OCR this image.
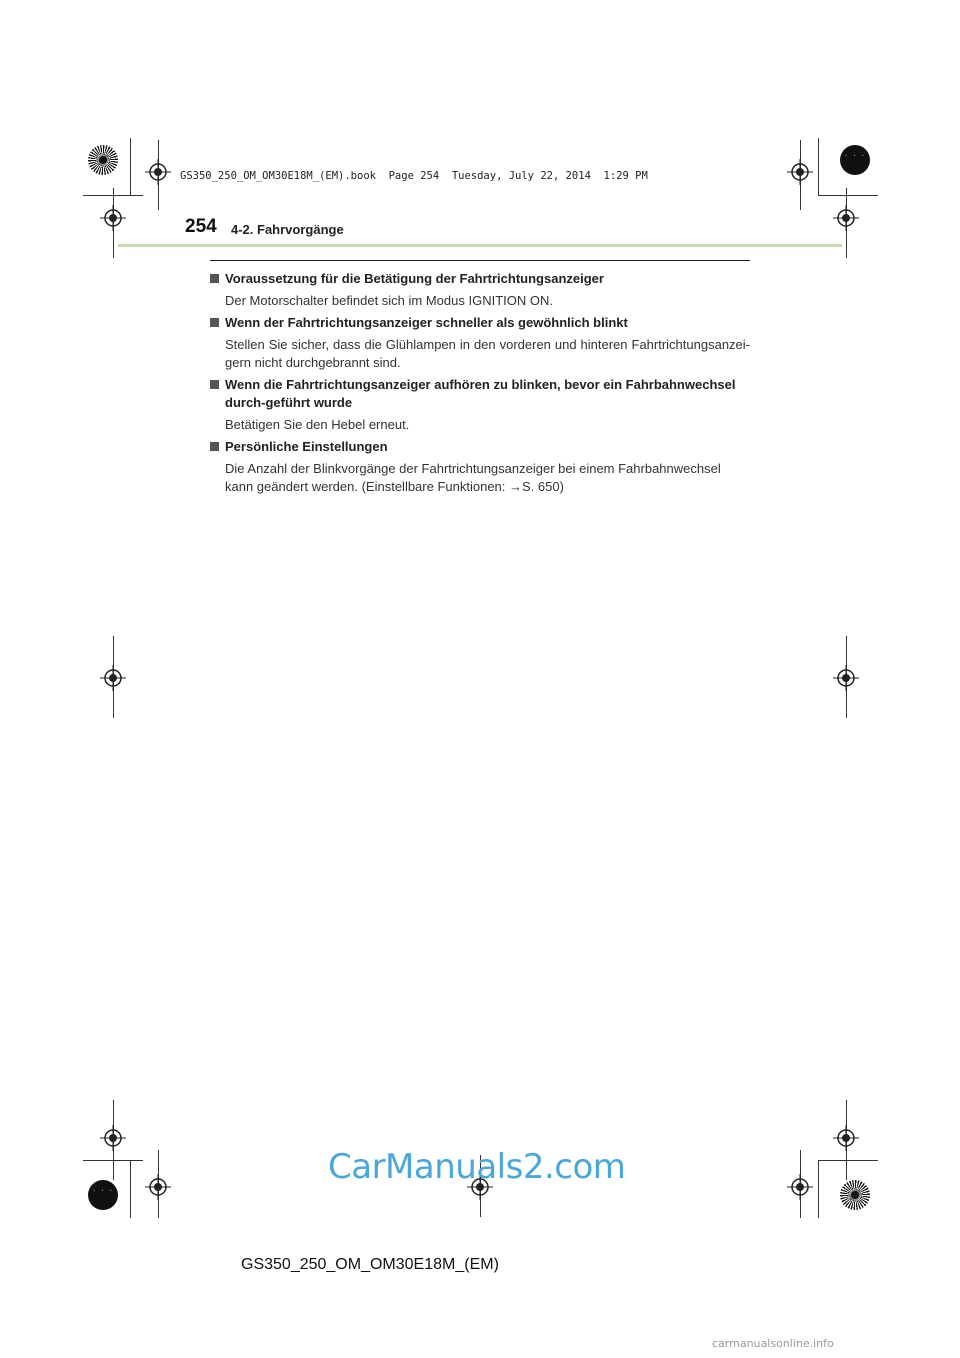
· · ·
· · ·
GS350_250_OM_OM30E18M_(EM).book  Page 254  Tuesday, July 22, 2014  1:29 PM
254 4-2. Fahrvorgänge
Voraussetzung für die Betätigung der Fahrtrichtungsanzeiger
Der Motorschalter befindet sich im Modus IGNITION ON.
Wenn der Fahrtrichtungsanzeiger schneller als gewöhnlich blinkt
Stellen Sie sicher, dass die Glühlampen in den vorderen und hinteren Fahrtrichtungsanzei-gern nicht durchgebrannt sind.
Wenn die Fahrtrichtungsanzeiger aufhören zu blinken, bevor ein Fahrbahnwechsel durch-geführt wurde
Betätigen Sie den Hebel erneut.
Persönliche Einstellungen
Die Anzahl der Blinkvorgänge der Fahrtrichtungsanzeiger bei einem Fahrbahnwechsel kann geändert werden. (Einstellbare Funktionen: →S. 650)
CarManuals2.com
GS350_250_OM_OM30E18M_(EM)
carmanualsonline.info
